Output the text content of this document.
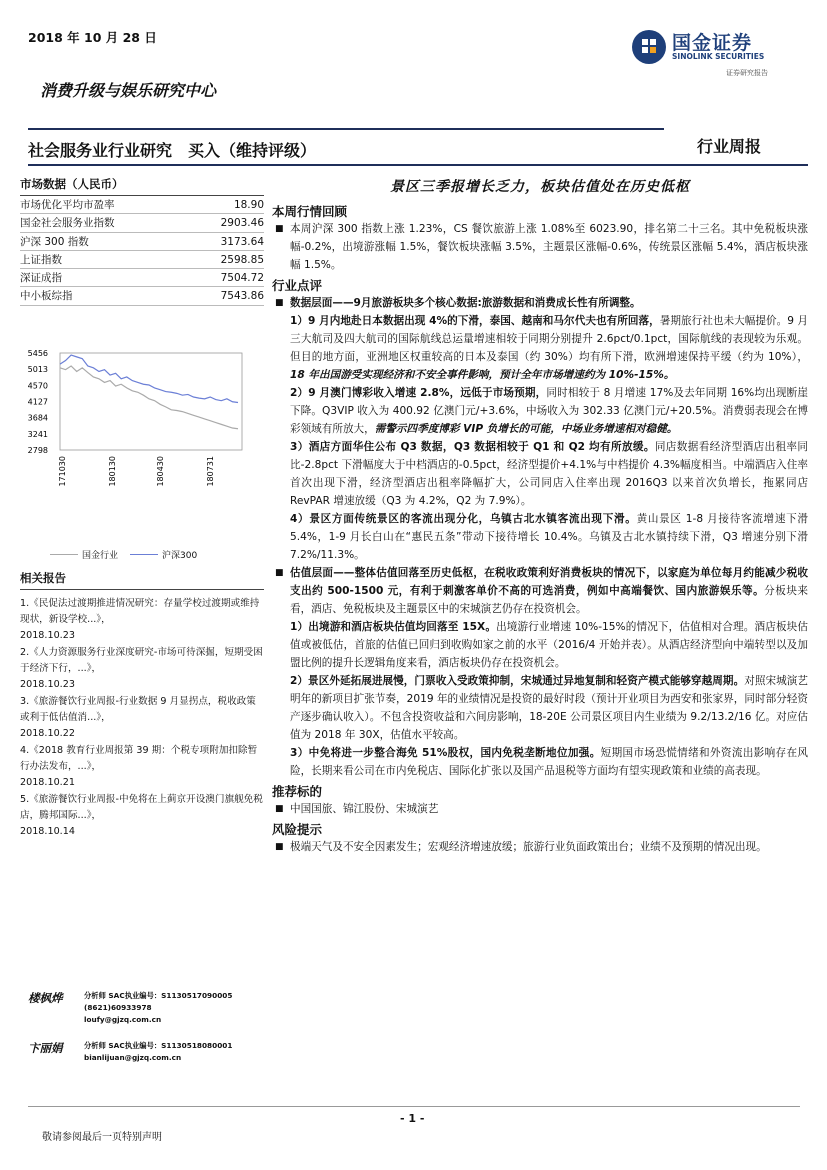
2018 年 10 月 28 日	国金证券
SINOLINK SECURITIES
证券研究报告
消费升级与娱乐研究中心
社会服务业行业研究　买入（维持评级）	行业周报
市场数据（人民币）
市场优化平均市盈率	18.90
国金社会服务业指数	2903.46
沪深 300 指数	3173.64
上证指数	2598.85
深证成指	7504.72
中小板综指	7543.86
5456
5013
4570
4127
3684
3241
2798
171030	180130	180430	180731
国金行业	沪深300
相关报告
1.《民促法过渡期推进情况研究：存量学校过渡期或维持现状，新设学校...》，
2018.10.23
2.《人力资源服务行业深度研究-市场可待深掘，短期受困于经济下行，...》，
2018.10.23
3.《旅游餐饮行业周报-行业数据 9 月显拐点，税收政策或利于低估值消...》，
2018.10.22
4.《2018 教育行业周报第 39 期：个税专项附加扣除暂行办法发布，...》，
2018.10.21
5.《旅游餐饮行业周报-中免将在上蓟京开设澳门旗舰免税店，腾邦国际...》，
2018.10.14
楼枫烨	分析师 SAC执业编号：S1130517090005
(8621)60933978
loufy@gjzq.com.cn
卞丽娟	分析师 SAC执业编号：S1130518080001
bianlijuan@gjzq.com.cn
景区三季报增长乏力，板块估值处在历史低枢
本周行情回顾
■ 本周沪深 300 指数上涨 1.23%，CS 餐饮旅游上涨 1.08%至 6023.90，排名第二十三名。其中免税板块涨幅-0.2%，出境游涨幅 1.5%，餐饮板块涨幅 3.5%，主题景区涨幅-0.6%，传统景区涨幅 5.4%，酒店板块涨幅 1.5%。
行业点评
■ 数据层面——9月旅游板块多个核心数据:旅游数据和消费成长性有所调整。
1）9 月内地赴日本数据出现 4%的下滑，泰国、越南和马尔代夫也有所回落，暑期旅行社也未大幅提价。9 月三大航司及四大航司的国际航线总运量增速相较于同期分别提升 2.6pct/0.1pct，国际航线的表现较为乐观。但目的地方面，亚洲地区权重较高的日本及泰国（约 30%）均有所下滑，欧洲增速保持平缓（约为 10%），18 年出国游受实现经济和不安全事件影响，预计全年市场增速约为 10%-15%。
2）9 月澳门博彩收入增速 2.8%，远低于市场预期，同时相较于 8 月增速 17%及去年同期 16%均出现断崖下降。Q3VIP 收入为 400.92 亿澳门元/+3.6%，中场收入为 302.33 亿澳门元/+20.5%。消费弱表现会在博彩领域有所放大，需警示四季度博彩 VIP 负增长的可能，中场业务增速相对稳健。
3）酒店方面华住公布 Q3 数据，Q3 数据相较于 Q1 和 Q2 均有所放缓。同店数据看经济型酒店出租率同比-2.8pct 下滑幅度大于中档酒店的-0.5pct，经济型提价+4.1%与中档提价 4.3%幅度相当。中端酒店入住率首次出现下滑，经济型酒店出租率降幅扩大，公司同店入住率出现 2016Q3 以来首次负增长，拖累同店 RevPAR 增速放缓（Q3 为 4.2%，Q2 为 7.9%）。
4）景区方面传统景区的客流出现分化，乌镇古北水镇客流出现下滑。黄山景区 1-8 月接待客流增速下滑 5.4%，1-9 月长白山在“惠民五条”带动下接待增长 10.4%。乌镇及古北水镇持续下滑，Q3 增速分别下滑 7.2%/11.3%。
■ 估值层面——整体估值回落至历史低枢，在税收政策利好消费板块的情况下，以家庭为单位每月约能减少税收支出约 500-1500 元，有利于刺激客单价不高的可选消费，例如中高端餐饮、国内旅游娱乐等。分板块来看，酒店、免税板块及主题景区中的宋城演艺仍存在投资机会。
1）出境游和酒店板块估值均回落至 15X。出境游行业增速 10%-15%的情况下，估值相对合理。酒店板块估值或被低估，首旅的估值已回归到收购如家之前的水平（2016/4 开始并表）。从酒店经济型向中端转型以及加盟比例的提升长逻辑角度来看，酒店板块仍存在投资机会。
2）景区外延拓展进展慢，门票收入受政策抑制，宋城通过异地复制和轻资产模式能够穿越周期。对照宋城演艺明年的新项目扩张节奏，2019 年的业绩情况是投资的最好时段（预计开业项目为西安和张家界，同时部分轻资产逐步确认收入）。不包含投资收益和六间房影响，18-20E 公司景区项目内生业绩为 9.2/13.2/16 亿。对应估值为 2018 年 30X，估值水平较高。
3）中免将进一步整合海免 51%股权，国内免税垄断地位加强。短期国市场恐慌情绪和外资流出影响存在风险，长期来看公司在市内免税店、国际化扩张以及国产品退税等方面均有望实现政策和业绩的高表现。
推荐标的
■ 中国国旅、锦江股份、宋城演艺
风险提示
■ 极端天气及不安全因素发生；宏观经济增速放缓；旅游行业负面政策出台；业绩不及预期的情况出现。
- 1 -
敬请参阅最后一页特别声明
